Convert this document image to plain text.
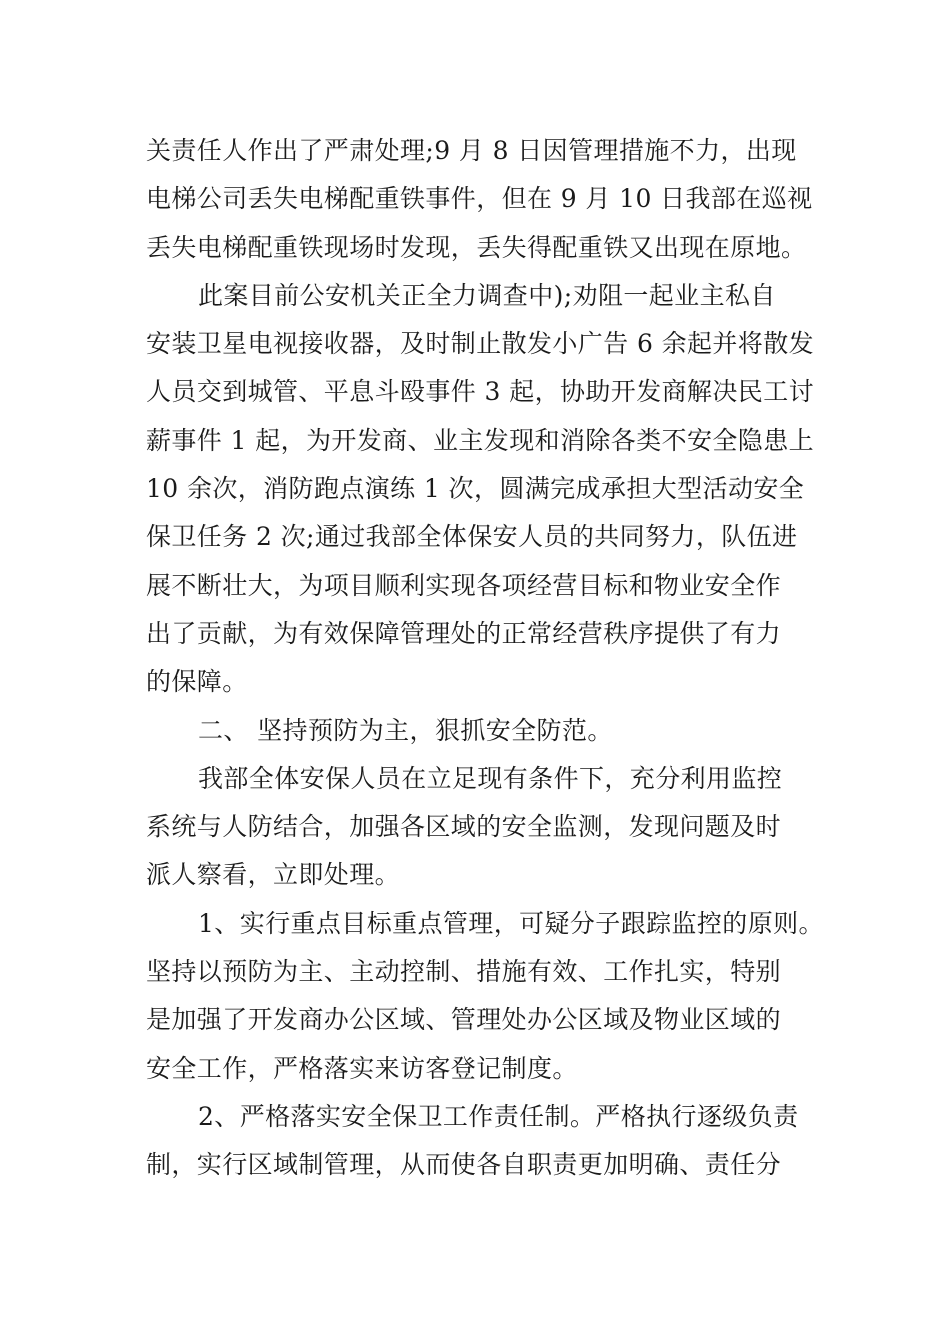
关责任人作出了严肃处理;9 月 8 日因管理措施不力，出现
电梯公司丢失电梯配重铁事件，但在 9 月 10 日我部在巡视
丢失电梯配重铁现场时发现，丢失得配重铁又出现在原地。
此案目前公安机关正全力调查中);劝阻一起业主私自
安装卫星电视接收器，及时制止散发小广告 6 余起并将散发
人员交到城管、平息斗殴事件 3 起，协助开发商解决民工讨
薪事件 1 起，为开发商、业主发现和消除各类不安全隐患上
10 余次，消防跑点演练 1 次，圆满完成承担大型活动安全
保卫任务 2 次;通过我部全体保安人员的共同努力，队伍进
展不断壮大，为项目顺利实现各项经营目标和物业安全作
出了贡献，为有效保障管理处的正常经营秩序提供了有力
的保障。
二、 坚持预防为主，狠抓安全防范。
我部全体安保人员在立足现有条件下，充分利用监控
系统与人防结合，加强各区域的安全监测，发现问题及时
派人察看，立即处理。
1、实行重点目标重点管理，可疑分子跟踪监控的原则。
坚持以预防为主、主动控制、措施有效、工作扎实，特别
是加强了开发商办公区域、管理处办公区域及物业区域的
安全工作，严格落实来访客登记制度。
2、严格落实安全保卫工作责任制。严格执行逐级负责
制，实行区域制管理，从而使各自职责更加明确、责任分
